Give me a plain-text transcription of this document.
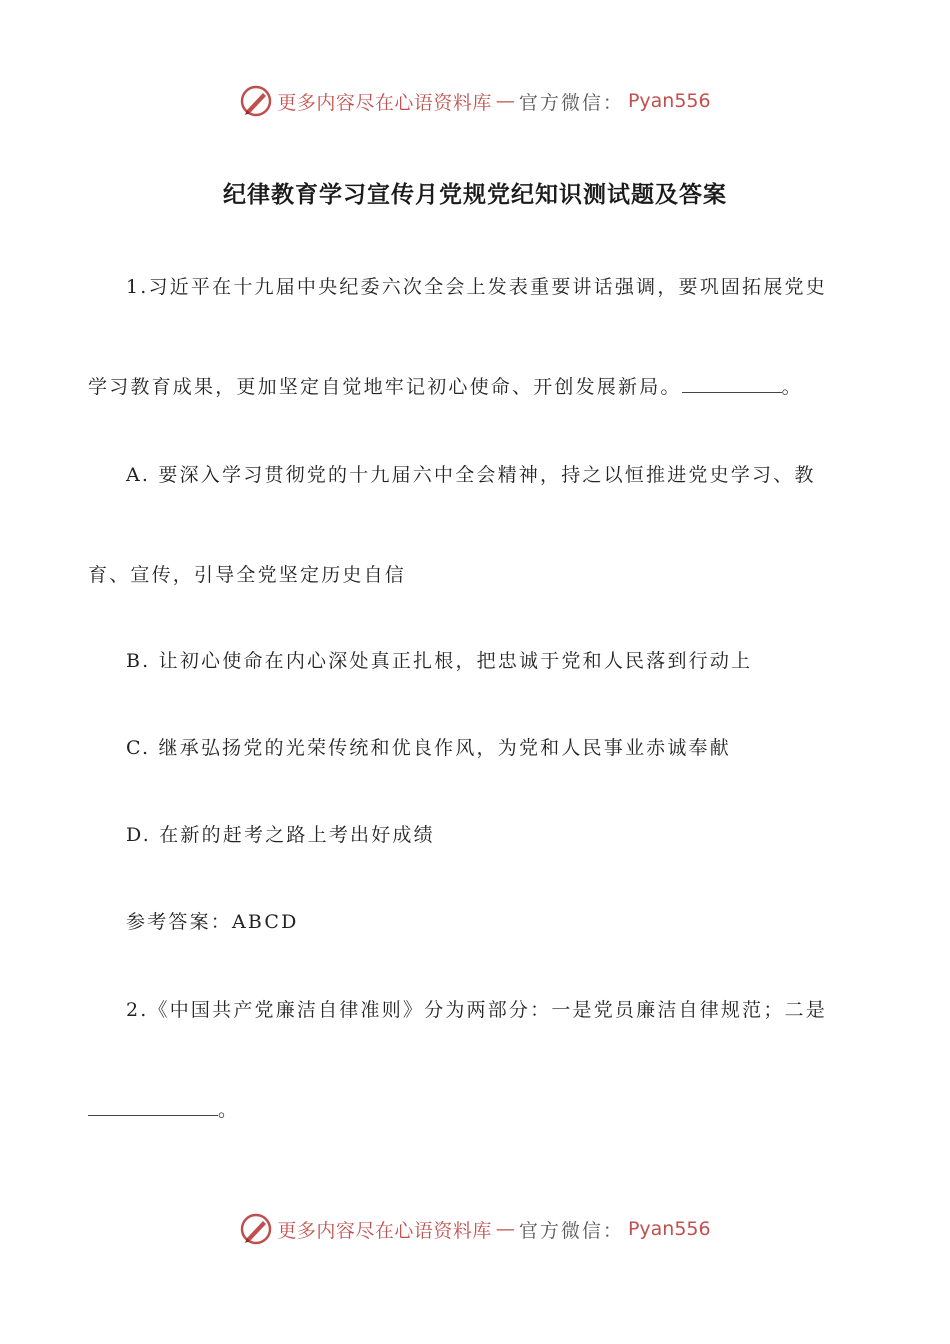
更多内容尽在心语资料库 — 官方微信： Pyan556
纪律教育学习宣传月党规党纪知识测试题及答案
1.习近平在十九届中央纪委六次全会上发表重要讲话强调，要巩固拓展党史
学习教育成果，更加坚定自觉地牢记初心使命、开创发展新局。	。
A. 要深入学习贯彻党的十九届六中全会精神，持之以恒推进党史学习、教
育、宣传，引导全党坚定历史自信
B. 让初心使命在内心深处真正扎根，把忠诚于党和人民落到行动上
C. 继承弘扬党的光荣传统和优良作风，为党和人民事业赤诚奉献
D. 在新的赶考之路上考出好成绩
参考答案：ABCD
2.《中国共产党廉洁自律准则》分为两部分：一是党员廉洁自律规范；二是
。
更多内容尽在心语资料库 — 官方微信： Pyan556
